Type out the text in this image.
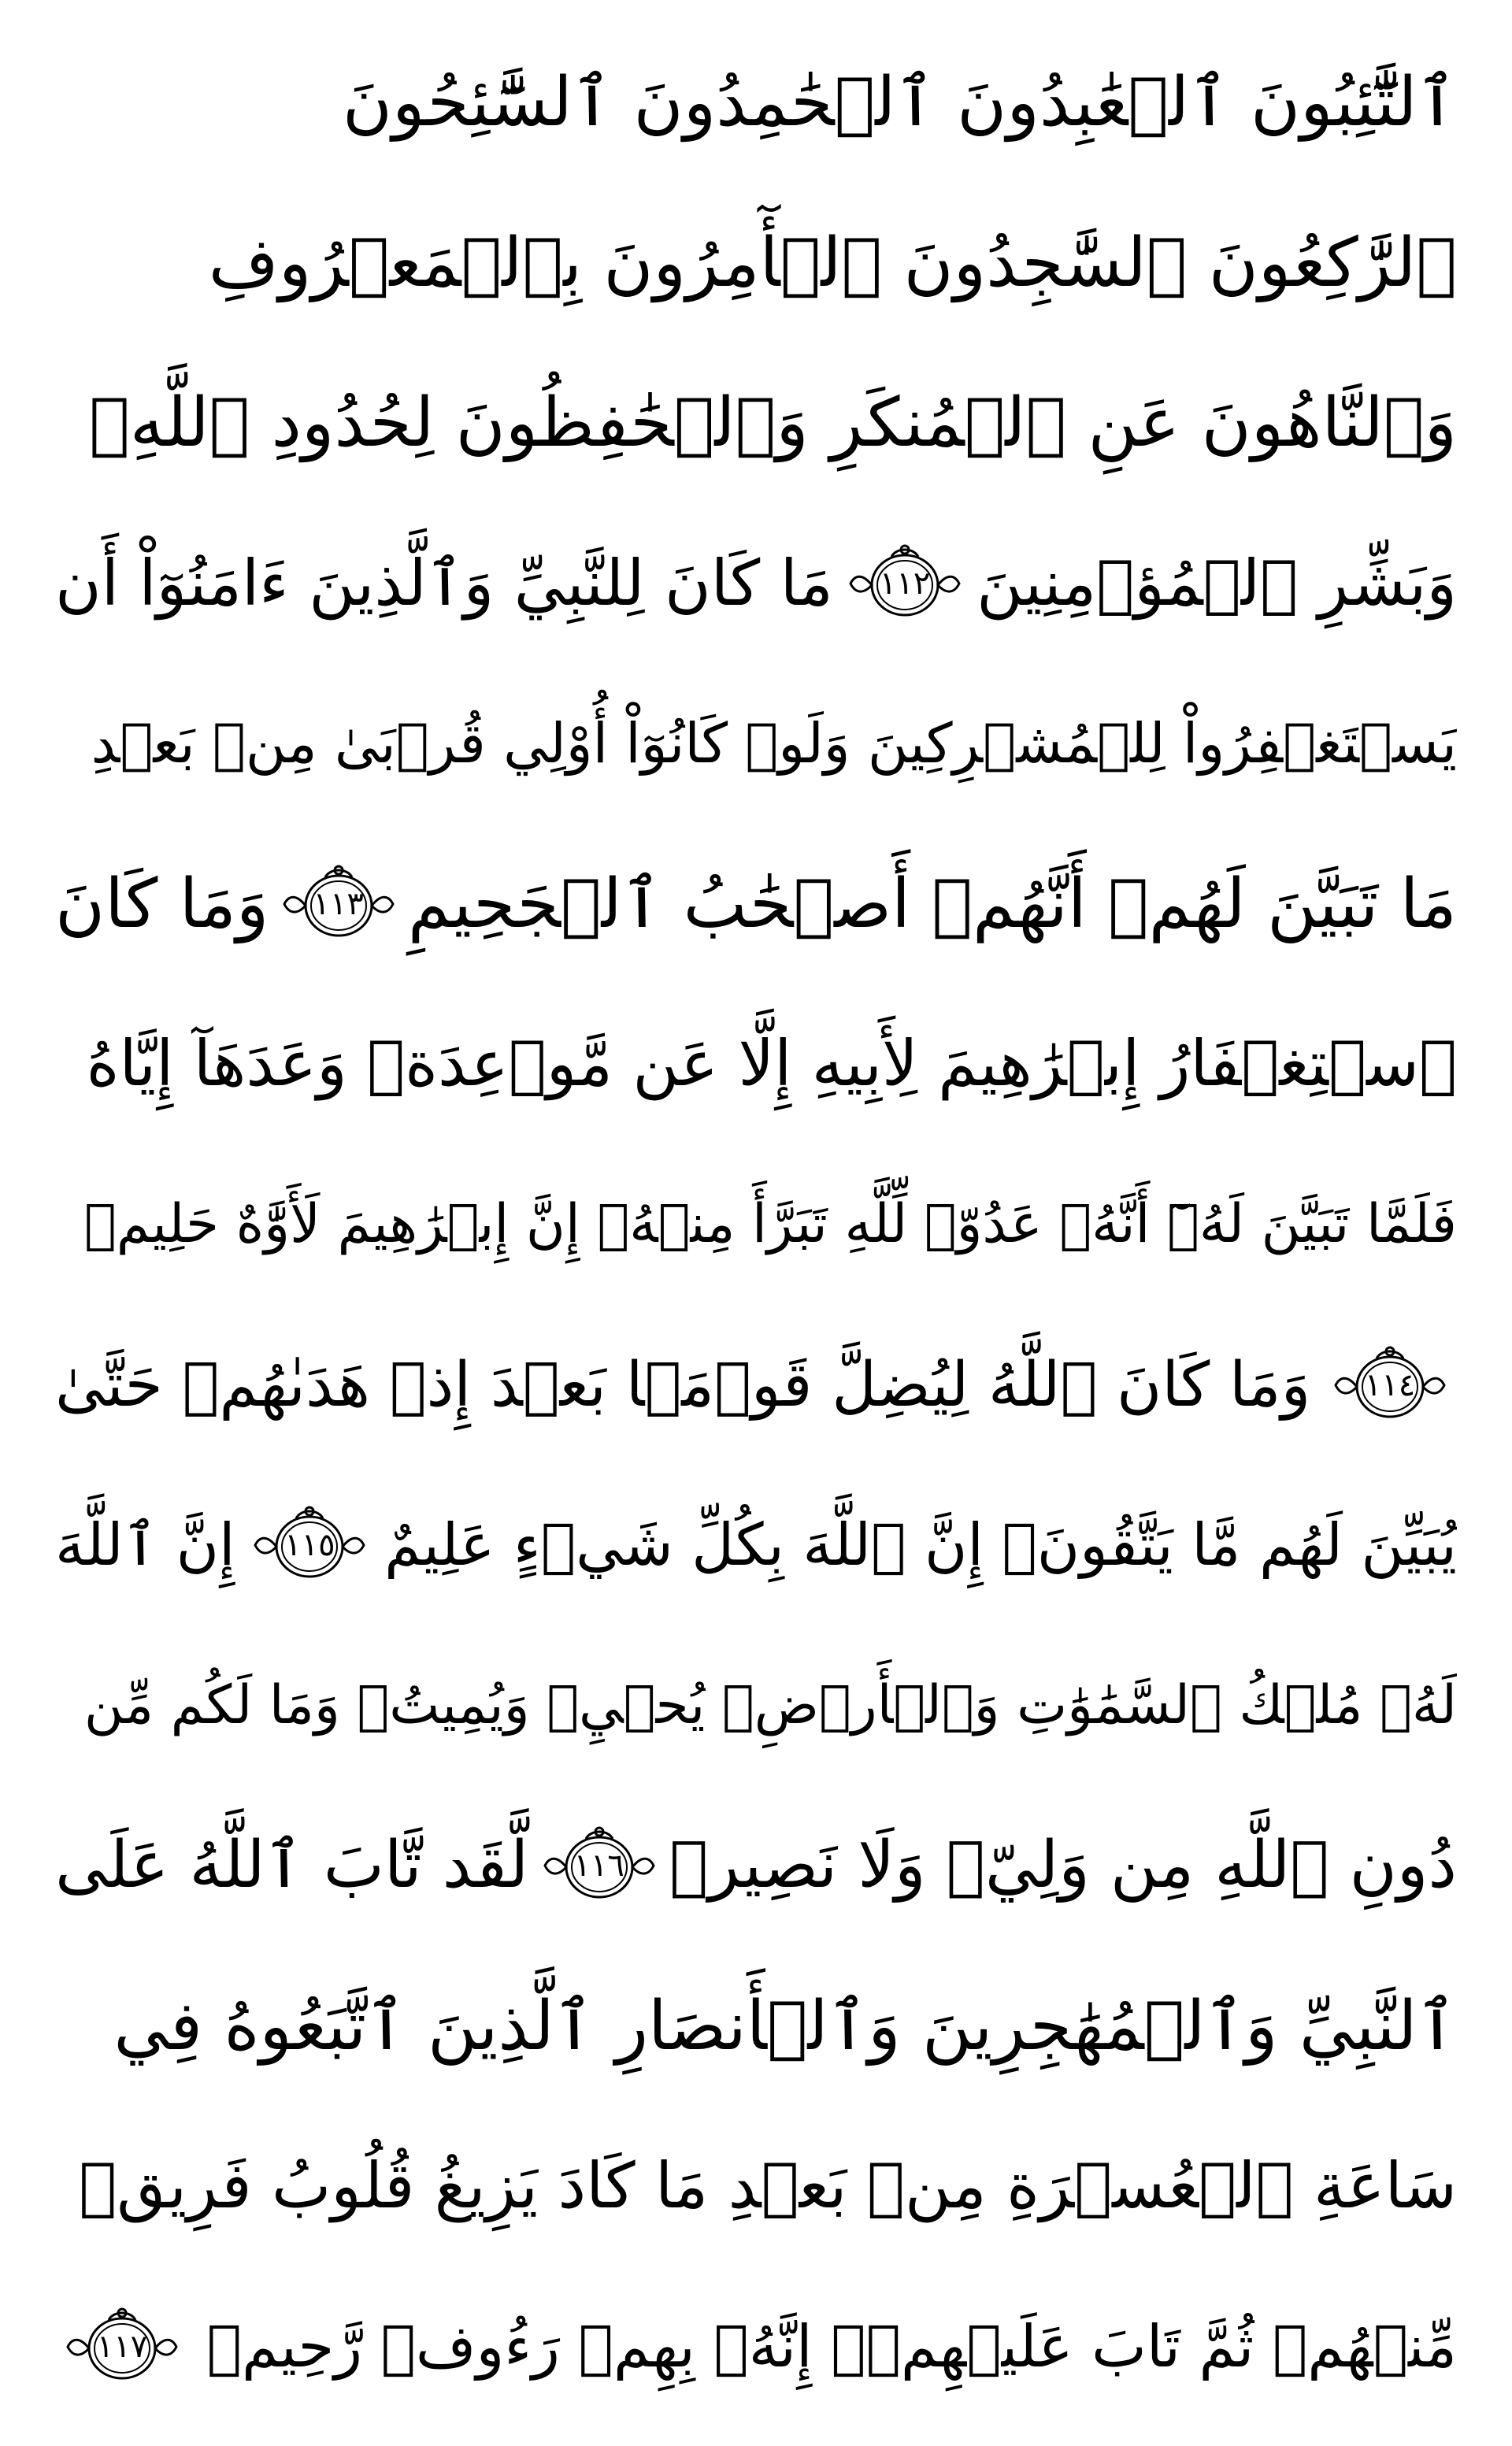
ٱلتَّٰٓئِبُونَ ٱلۡعَٰبِدُونَ ٱلۡحَٰمِدُونَ ٱلسَّٰٓئِحُونَ
ٱلرَّٰكِعُونَ ٱلسَّٰجِدُونَ ٱلۡأٓمِرُونَ بِٱلۡمَعۡرُوفِ
وَٱلنَّاهُونَ عَنِ ٱلۡمُنكَرِ وَٱلۡحَٰفِظُونَ لِحُدُودِ ٱللَّهِۗ
وَبَشِّرِ ٱلۡمُؤۡمِنِينَ
١١٢
مَا كَانَ لِلنَّبِيِّ وَٱلَّذِينَ ءَامَنُوٓاْ أَن
يَسۡتَغۡفِرُواْ لِلۡمُشۡرِكِينَ وَلَوۡ كَانُوٓاْ أُوْلِي قُرۡبَىٰ مِنۢ بَعۡدِ
مَا تَبَيَّنَ لَهُمۡ أَنَّهُمۡ أَصۡحَٰبُ ٱلۡجَحِيمِ
١١٣
وَمَا كَانَ
ٱسۡتِغۡفَارُ إِبۡرَٰهِيمَ لِأَبِيهِ إِلَّا عَن مَّوۡعِدَةٖ وَعَدَهَآ إِيَّاهُ
فَلَمَّا تَبَيَّنَ لَهُۥٓ أَنَّهُۥ عَدُوّٞ لِّلَّهِ تَبَرَّأَ مِنۡهُۚ إِنَّ إِبۡرَٰهِيمَ لَأَوَّٰهٌ حَلِيمٞ
١١٤
وَمَا كَانَ ٱللَّهُ لِيُضِلَّ قَوۡمَۢا بَعۡدَ إِذۡ هَدَىٰهُمۡ حَتَّىٰ
يُبَيِّنَ لَهُم مَّا يَتَّقُونَۚ إِنَّ ٱللَّهَ بِكُلِّ شَيۡءٍ عَلِيمٌ
١١٥
إِنَّ ٱللَّهَ
لَهُۥ مُلۡكُ ٱلسَّمَٰوَٰتِ وَٱلۡأَرۡضِۖ يُحۡيِۦ وَيُمِيتُۚ وَمَا لَكُم مِّن
دُونِ ٱللَّهِ مِن وَلِيّٖ وَلَا نَصِيرٖ
١١٦
لَّقَد تَّابَ ٱللَّهُ عَلَى
ٱلنَّبِيِّ وَٱلۡمُهَٰجِرِينَ وَٱلۡأَنصَارِ ٱلَّذِينَ ٱتَّبَعُوهُ فِي
سَاعَةِ ٱلۡعُسۡرَةِ مِنۢ بَعۡدِ مَا كَادَ يَزِيغُ قُلُوبُ فَرِيقٖ
مِّنۡهُمۡ ثُمَّ تَابَ عَلَيۡهِمۡۚ إِنَّهُۥ بِهِمۡ رَءُوفٞ رَّحِيمٞ
١١٧
